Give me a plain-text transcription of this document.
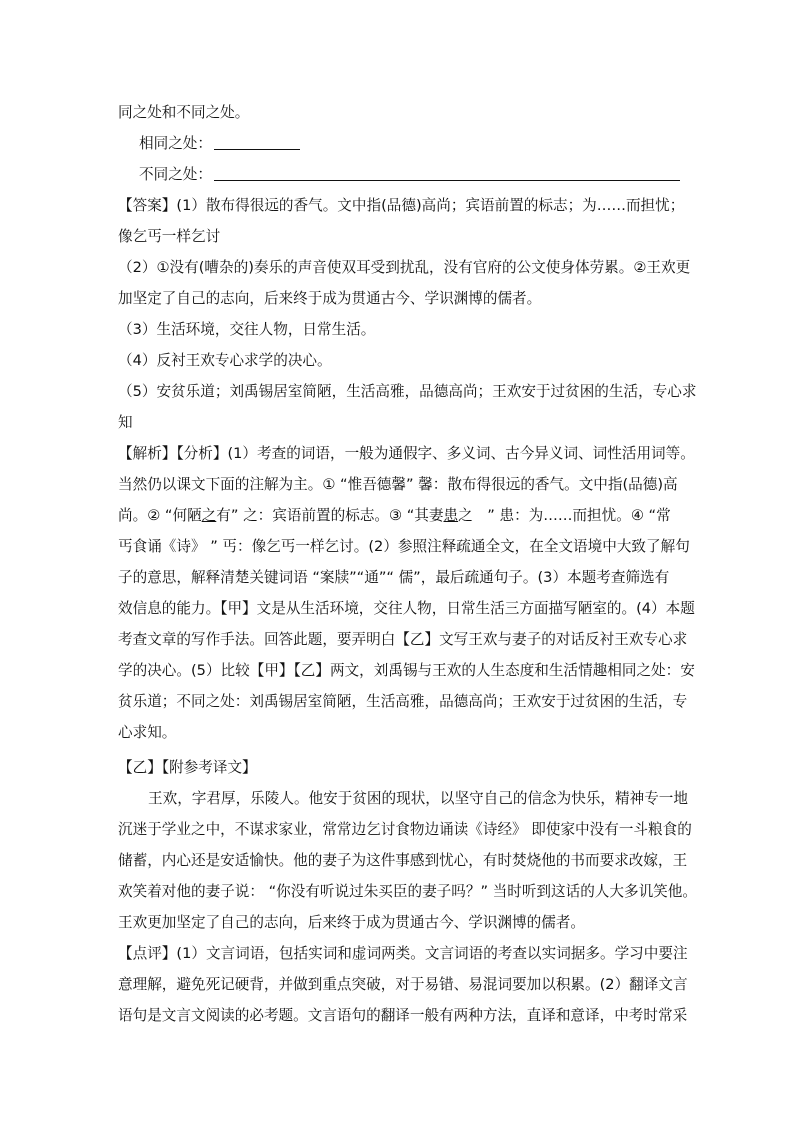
同之处和不同之处。
相同之处：
不同之处：
【答案】(1）散布得很远的香气。文中指(品德)高尚；宾语前置的标志；为……而担忧；
像乞丐一样乞讨
（2）①没有(嘈杂的)奏乐的声音使双耳受到扰乱，没有官府的公文使身体劳累。②王欢更
加坚定了自己的志向，后来终于成为贯通古今、学识渊博的儒者。
（3）生活环境，交往人物，日常生活。
（4）反衬王欢专心求学的决心。
（5）安贫乐道；刘禹锡居室简陋，生活高雅，品德高尚；王欢安于过贫困的生活，专心求
知
【解析】【分析】(1）考查的词语，一般为通假字、多义词、古今异义词、词性活用词等。
当然仍以课文下面的注解为主。① “惟吾德馨” 馨：散布得很远的香气。文中指(品德)高
尚。② “何陋之有” 之：宾语前置的标志。③ “其妻患之　” 患：为……而担忧。④ “常
丐食诵《诗》 ” 丐：像乞丐一样乞讨。(2）参照注释疏通全文，在全文语境中大致了解句
子的意思，解释清楚关键词语 “案牍”“通”“ 儒”，最后疏通句子。(3）本题考查筛选有
效信息的能力。【甲】文是从生活环境，交往人物，日常生活三方面描写陋室的。(4）本题
考查文章的写作手法。回答此题，要弄明白【乙】文写王欢与妻子的对话反衬王欢专心求
学的决心。(5）比较【甲】【乙】两文，刘禹锡与王欢的人生态度和生活情趣相同之处：安
贫乐道；不同之处：刘禹锡居室简陋，生活高雅，品德高尚；王欢安于过贫困的生活，专
心求知。
【乙】【附参考译文】
王欢，字君厚，乐陵人。他安于贫困的现状，以坚守自己的信念为快乐，精神专一地
沉迷于学业之中，不谋求家业，常常边乞讨食物边诵读《诗经》 即使家中没有一斗粮食的
储蓄，内心还是安适愉快。他的妻子为这件事感到忧心，有时焚烧他的书而要求改嫁，王
欢笑着对他的妻子说： “你没有听说过朱买臣的妻子吗？” 当时听到这话的人大多讥笑他。
王欢更加坚定了自己的志向，后来终于成为贯通古今、学识渊博的儒者。
【点评】(1）文言词语，包括实词和虚词两类。文言词语的考查以实词据多。学习中要注
意理解，避免死记硬背，并做到重点突破，对于易错、易混词要加以积累。(2）翻译文言
语句是文言文阅读的必考题。文言语句的翻译一般有两种方法，直译和意译，中考时常采
